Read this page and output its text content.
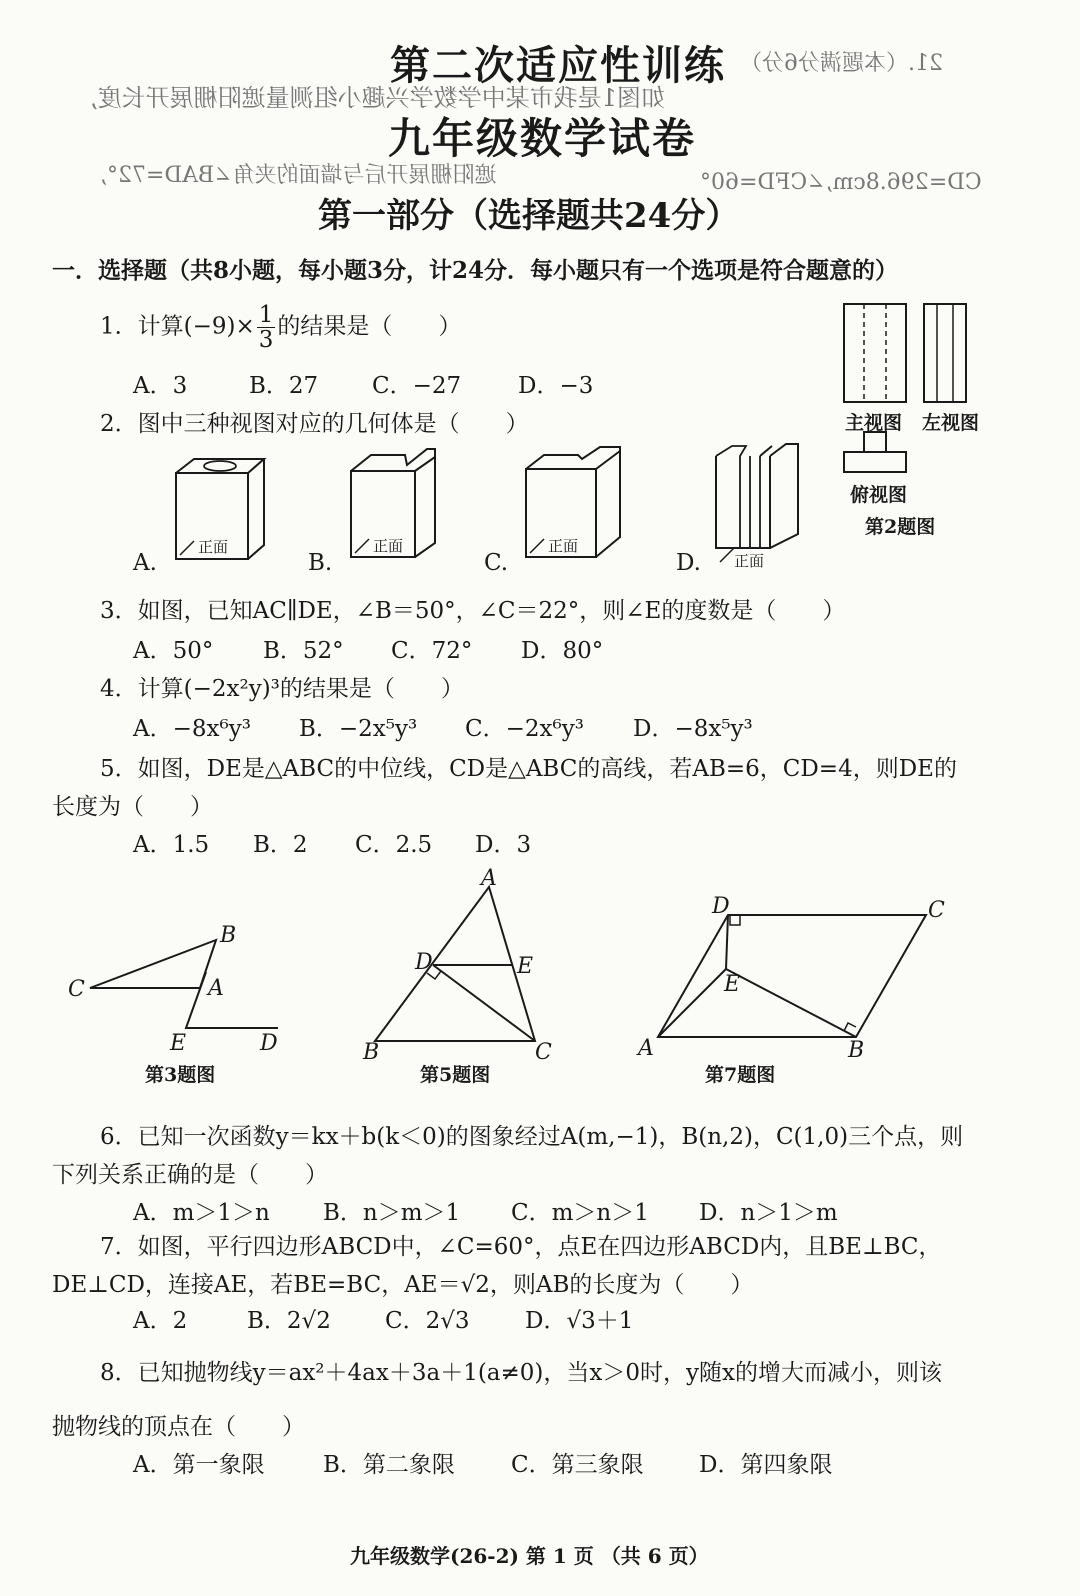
21.（本题满分6分）
如图1是我市某中学数学兴趣小组测量遮阳棚展开长度,
遮阳棚展开后与墙面的夹角∠BAD=72°,	CD=296.8cm,∠CFD=60°
第二次适应性训练
九年级数学试卷
第一部分（选择题共24分）
一．选择题（共8小题，每小题3分，计24分．每小题只有一个选项是符合题意的）
1．计算$(-9)\times \frac{1}{3}$ 的结果是（　　）
A．3	B．27 C．−27 D．−3
2．图中三种视图对应的几何体是（　　）	主视图 左视图
俯视图
第2题图
正面	正面	正面
正面
A.	B.	C.	D.
3．如图，已知AC∥DE，∠B＝50°，∠C＝22°，则∠E的度数是（　　）
A．50° B．52° C．72° D．80°
4．计算(−2x²y)³的结果是（　　）
A．−8x⁶y³ B．−2x⁵y³ C．−2x⁶y³ D．−8x⁵y³
5．如图，DE是△ABC的中位线，CD是△ABC的高线，若AB=6，CD=4，则DE的
长度为（　　）
A．1.5 B．2 C．2.5 D．3
B
C	A
E	D
第3题图
A
D	E
B	C
第5题图
D	C
E
A	B
第7题图
6．已知一次函数y＝kx＋b(k＜0)的图象经过A(m,−1)，B(n,2)，C(1,0)三个点，则
下列关系正确的是（　　）
A．m＞1＞n B．n＞m＞1 C．m＞n＞1 D．n＞1＞m
7．如图，平行四边形ABCD中，∠C=60°，点E在四边形ABCD内，且BE⊥BC，
DE⊥CD，连接AE，若BE=BC，AE＝√2，则AB的长度为（　　）
A．2	B．2√2 C．2√3 D．√3＋1
8．已知抛物线y＝ax²＋4ax＋3a＋1(a≠0)，当x＞0时，y随x的增大而减小，则该
抛物线的顶点在（　　）
A．第一象限	B．第二象限 C．第三象限 D．第四象限
九年级数学(26-2) 第 1 页 （共 6 页）
